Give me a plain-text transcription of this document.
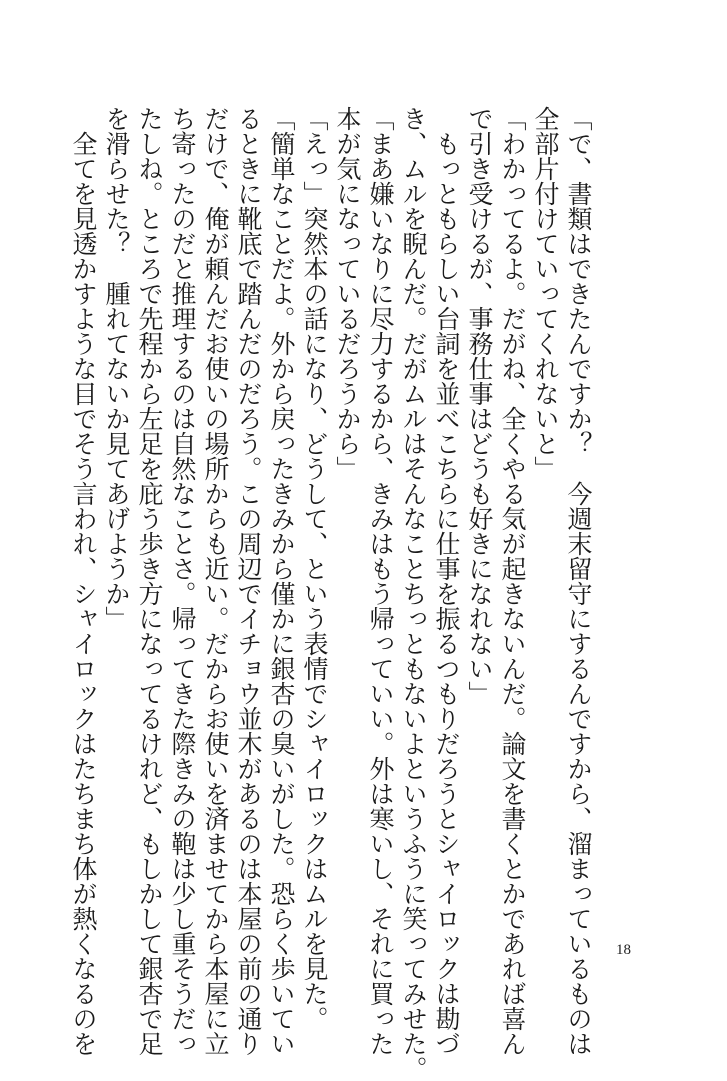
「で、書類はできたんですか？　今週末留守にするんですから、溜まっているものは
全部片付けていってくれないと」
「わかってるよ。だがね、全くやる気が起きないんだ。論文を書くとかであれば喜ん
で引き受けるが、事務仕事はどうも好きになれない」
　もっともらしい台詞を並べこちらに仕事を振るつもりだろうとシャイロックは勘づ
き、ムルを睨んだ。だがムルはそんなことちっともないよというふうに笑ってみせた。
「まあ嫌いなりに尽力するから、きみはもう帰っていい。外は寒いし、それに買った
本が気になっているだろうから」
「えっ」突然本の話になり、どうして、という表情でシャイロックはムルを見た。
「簡単なことだよ。外から戻ったきみから僅かに銀杏の臭いがした。恐らく歩いてい
るときに靴底で踏んだのだろう。この周辺でイチョウ並木があるのは本屋の前の通り
だけで、俺が頼んだお使いの場所からも近い。だからお使いを済ませてから本屋に立
ち寄ったのだと推理するのは自然なことさ。帰ってきた際きみの鞄は少し重そうだっ
たしね。ところで先程から左足を庇う歩き方になってるけれど、もしかして銀杏で足
を滑らせた？　腫れてないか見てあげようか」
　全てを見透かすような目でそう言われ、シャイロックはたちまち体が熱くなるのを	18
